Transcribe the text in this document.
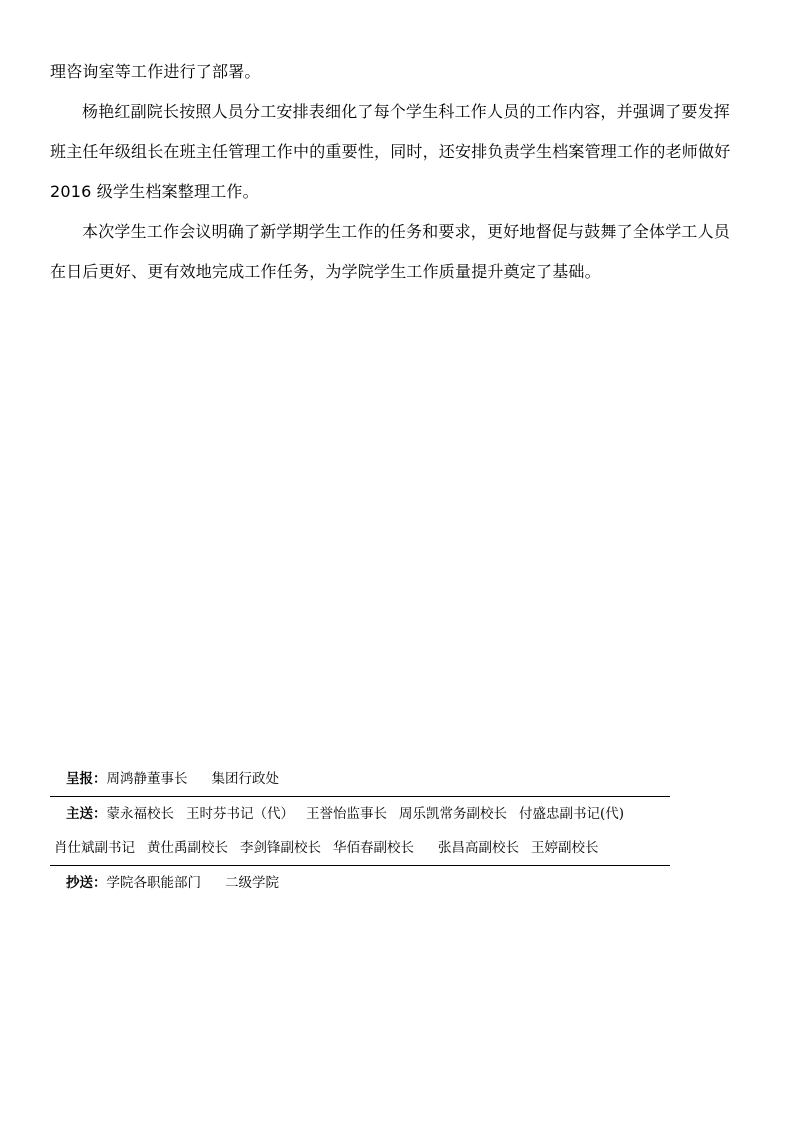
理咨询室等工作进行了部署。

杨艳红副院长按照人员分工安排表细化了每个学生科工作人员的工作内容，并强调了要发挥班主任年级组长在班主任管理工作中的重要性，同时，还安排负责学生档案管理工作的老师做好 2016 级学生档案整理工作。

本次学生工作会议明确了新学期学生工作的任务和要求，更好地督促与鼓舞了全体学工人员在日后更好、更有效地完成工作任务，为学院学生工作质量提升奠定了基础。

呈报：周鸿静董事长 集团行政处
主送：蒙永福校长 王时芬书记（代） 王誉怡监事长 周乐凯常务副校长 付盛忠副书记(代)
肖仕斌副书记 黄仕禹副校长 李剑锋副校长 华佰春副校长 张昌高副校长 王婷副校长
抄送：学院各职能部门 二级学院
